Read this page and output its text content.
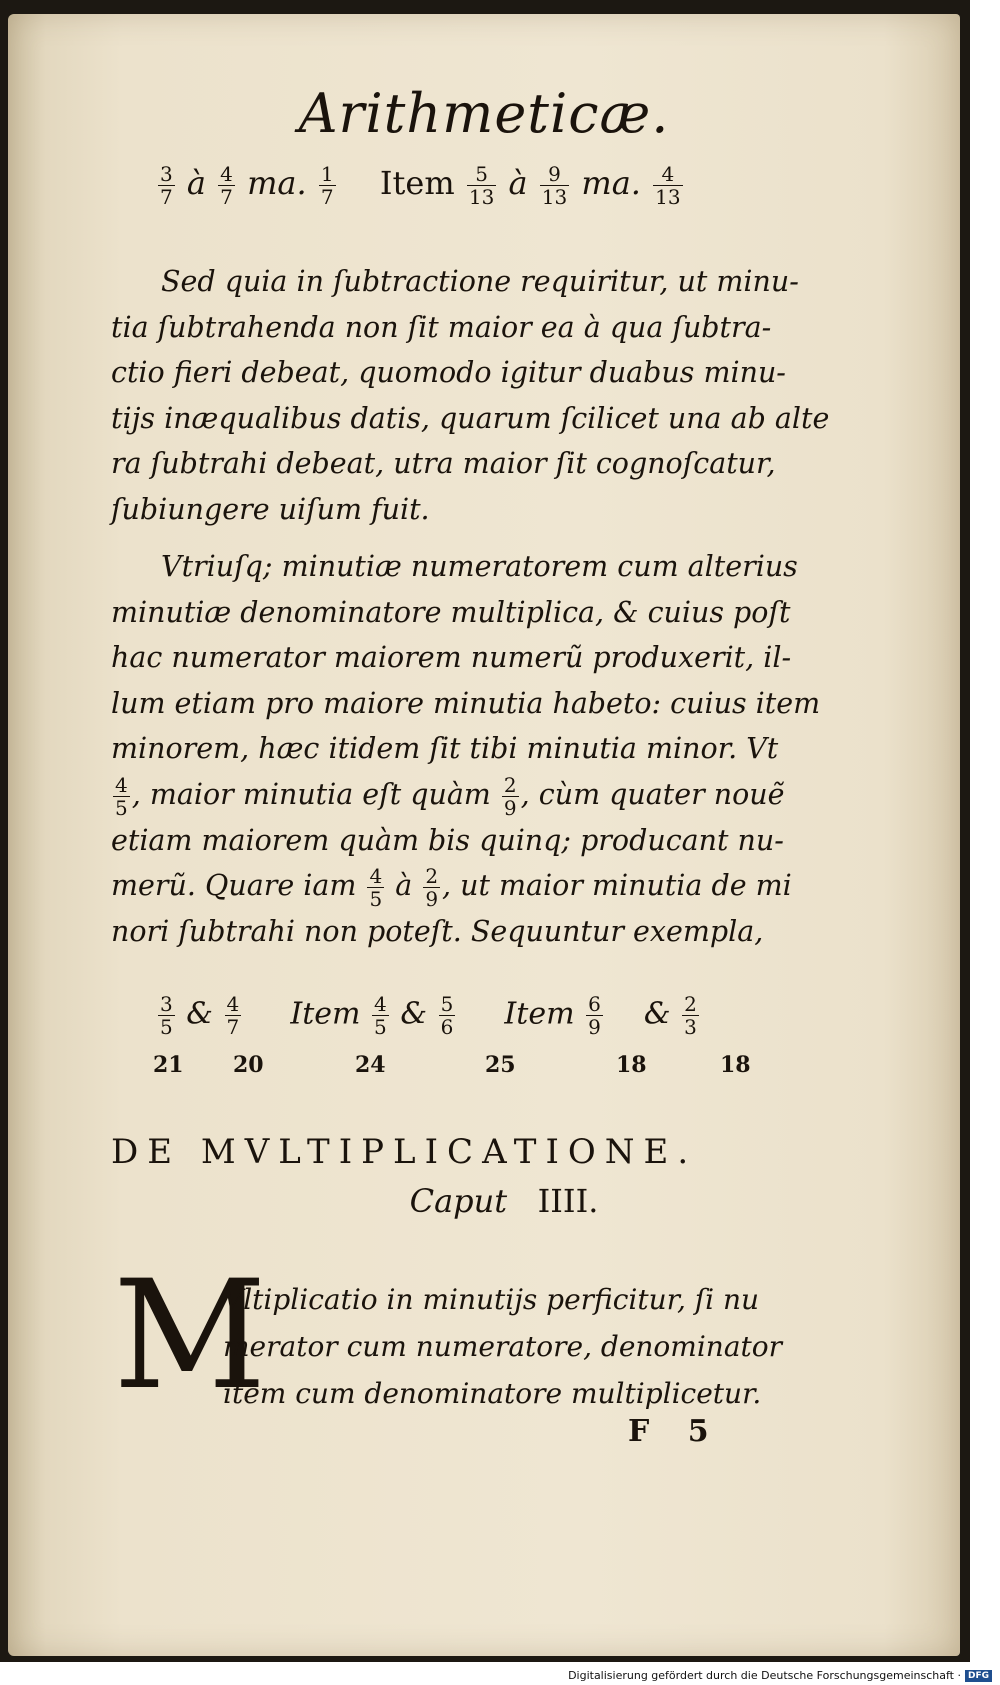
Arithmeticæ.
$\frac{3}{7}$ à $\frac{4}{7}$ ma. $\frac{1}{7}$ Item $\frac{5}{13}$ à $\frac{9}{13}$ ma. $\frac{4}{13}$
Sed quia in ſubtractione requiritur, ut minu-
tia ſubtrahenda non ſit maior ea à qua ſubtra-
ctio fieri debeat, quomodo igitur duabus minu-
tijs inæqualibus datis, quarum ſcilicet una ab alte
ra ſubtrahi debeat, utra maior ſit cognoſcatur,
ſubiungere uiſum fuit.
Vtriuſq; minutiæ numeratorem cum alterius
minutiæ denominatore multiplica, & cuius poſt
hac numerator maiorem numerũ produxerit, il-
lum etiam pro maiore minutia habeto: cuius item
minorem, hæc itidem ſit tibi minutia minor. Vt
$\frac{4}{5}$ , maior minutia eſt quàm $\frac{2}{9}$ , cùm quater nouẽ
etiam maiorem quàm bis quinq; producant nu-
merũ. Quare iam $\frac{4}{5}$ à $\frac{2}{9}$ , ut maior minutia de mi
nori ſubtrahi non poteſt. Sequuntur exempla,
$\frac{3}{5}$ & $\frac{4}{7}$ Item $\frac{4}{5}$ & $\frac{5}{6}$ Item $\frac{6}{9}$ & $\frac{2}{3}$
21 20	24	25	18	18
DE MVLTIPLICATIONE.
Caput IIII.
M
Vltiplicatio in minutijs perficitur, ſi nu
merator cum numeratore, denominator
item cum denominatore multiplicetur.
F 5
Digitalisierung gefördert durch die Deutsche Forschungsgemeinschaft · DFG
